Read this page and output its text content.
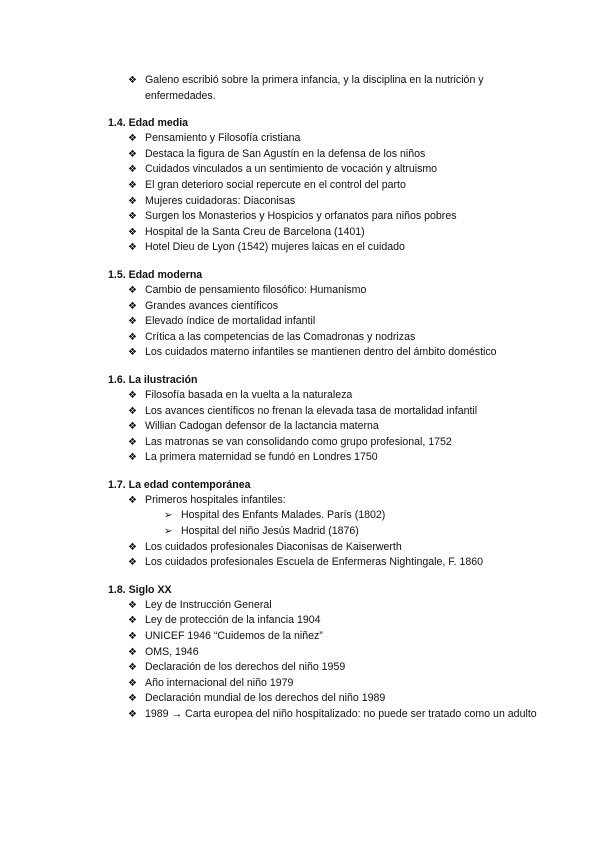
❖ Galeno escribió sobre la primera infancia, y la disciplina en la nutrición y enfermedades.
1.4. Edad media
❖ Pensamiento y Filosofía cristiana
❖ Destaca la figura de San Agustín en la defensa de los niños
❖ Cuidados vinculados a un sentimiento de vocación y altruismo
❖ El gran deterioro social repercute en el control del parto
❖ Mujeres cuidadoras: Diaconisas
❖ Surgen los Monasterios y Hospicios y orfanatos para niños pobres
❖ Hospital de la Santa Creu de Barcelona (1401)
❖ Hotel Dieu de Lyon (1542) mujeres laicas en el cuidado
1.5. Edad moderna
❖ Cambio de pensamiento filosófico: Humanismo
❖ Grandes avances científicos
❖ Elevado índice de mortalidad infantil
❖ Crítica a las competencias de las Comadronas y nodrizas
❖ Los cuidados materno infantiles se mantienen dentro del ámbito doméstico
1.6. La ilustración
❖ Filosofía basada en la vuelta a la naturaleza
❖ Los avances científicos no frenan la elevada tasa de mortalidad infantil
❖ Willian Cadogan defensor de la lactancia materna
❖ Las matronas se van consolidando como grupo profesional, 1752
❖ La primera maternidad se fundó en Londres 1750
1.7. La edad contemporánea
❖ Primeros hospitales infantiles:
➢ Hospital des Enfants Malades. París (1802)
➢ Hospital del niño Jesús Madrid (1876)
❖ Los cuidados profesionales Diaconisas de Kaiserwerth
❖ Los cuidados profesionales Escuela de Enfermeras Nightingale, F. 1860
1.8. Siglo XX
❖ Ley de Instrucción General
❖ Ley de protección de la infancia 1904
❖ UNICEF 1946 “Cuidemos de la niñez”
❖ OMS, 1946
❖ Declaración de los derechos del niño 1959
❖ Año internacional del niño 1979
❖ Declaración mundial de los derechos del niño 1989
❖ 1989 → Carta europea del niño hospitalizado: no puede ser tratado como un adulto
